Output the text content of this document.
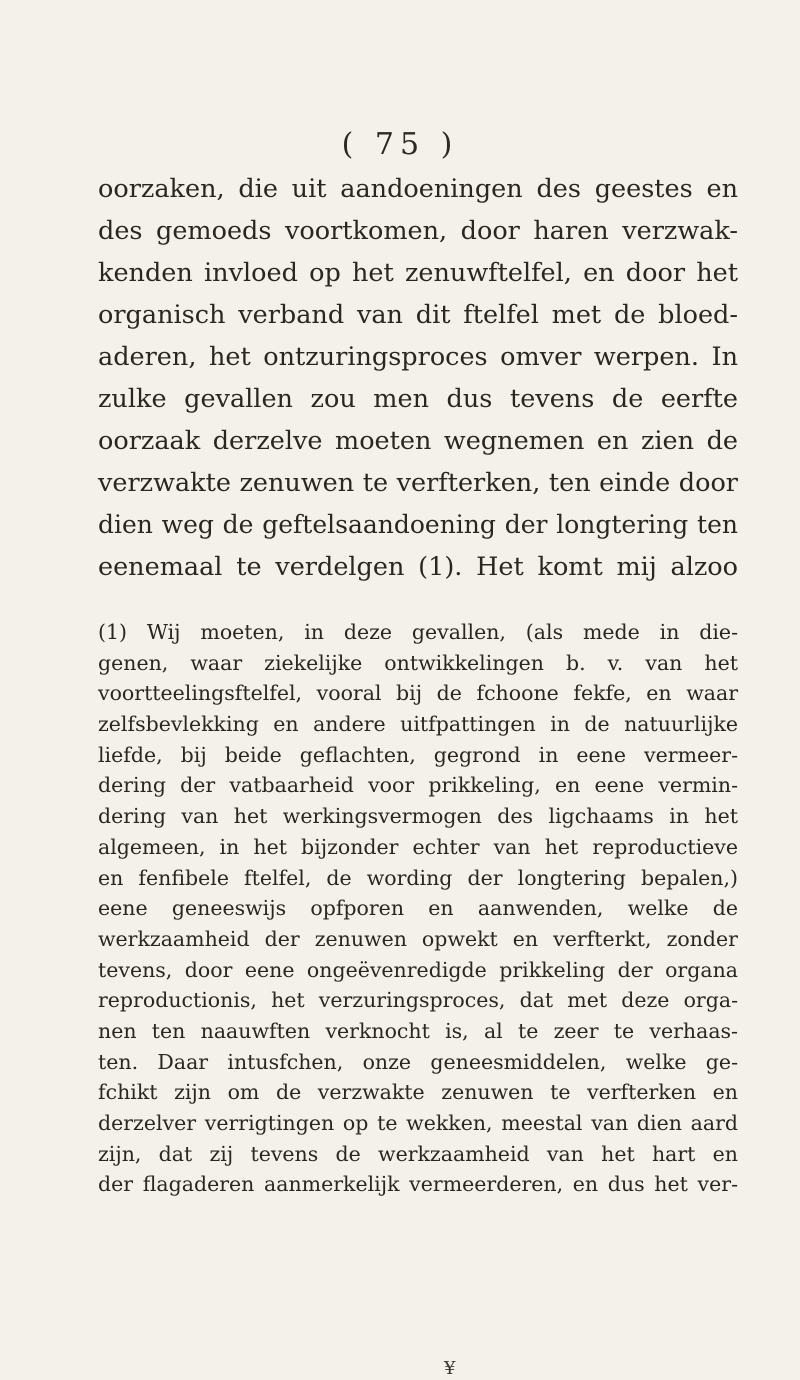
( 75 )
oorzaken, die uit aandoeningen des geestes en
des gemoeds voortkomen, door haren verzwak-
kenden invloed op het zenuwftelfel, en door het
organisch verband van dit ftelfel met de bloed-
aderen, het ontzuringsproces omver werpen. In
zulke gevallen zou men dus tevens de eerfte
oorzaak derzelve moeten wegnemen en zien de
verzwakte zenuwen te verfterken, ten einde door
dien weg de geftelsaandoening der longtering ten
eenemaal te verdelgen (1). Het komt mij alzoo
(1) Wij moeten, in deze gevallen, (als mede in die-
genen, waar ziekelijke ontwikkelingen b. v. van het
voortteelingsftelfel, vooral bij de fchoone fekfe, en waar
zelfsbevlekking en andere uitfpattingen in de natuurlijke
liefde, bij beide geflachten, gegrond in eene vermeer-
dering der vatbaarheid voor prikkeling, en eene vermin-
dering van het werkingsvermogen des ligchaams in het
algemeen, in het bijzonder echter van het reproductieve
en fenfibele ftelfel, de wording der longtering bepalen,)
eene geneeswijs opfporen en aanwenden, welke de
werkzaamheid der zenuwen opwekt en verfterkt, zonder
tevens, door eene ongeëvenredigde prikkeling der organa
reproductionis, het verzuringsproces, dat met deze orga-
nen ten naauwften verknocht is, al te zeer te verhaas-
ten. Daar intusfchen, onze geneesmiddelen, welke ge-
fchikt zijn om de verzwakte zenuwen te verfterken en
derzelver verrigtingen op te wekken, meestal van dien aard
zijn, dat zij tevens de werkzaamheid van het hart en
der flagaderen aanmerkelijk vermeerderen, en dus het ver-
¥
